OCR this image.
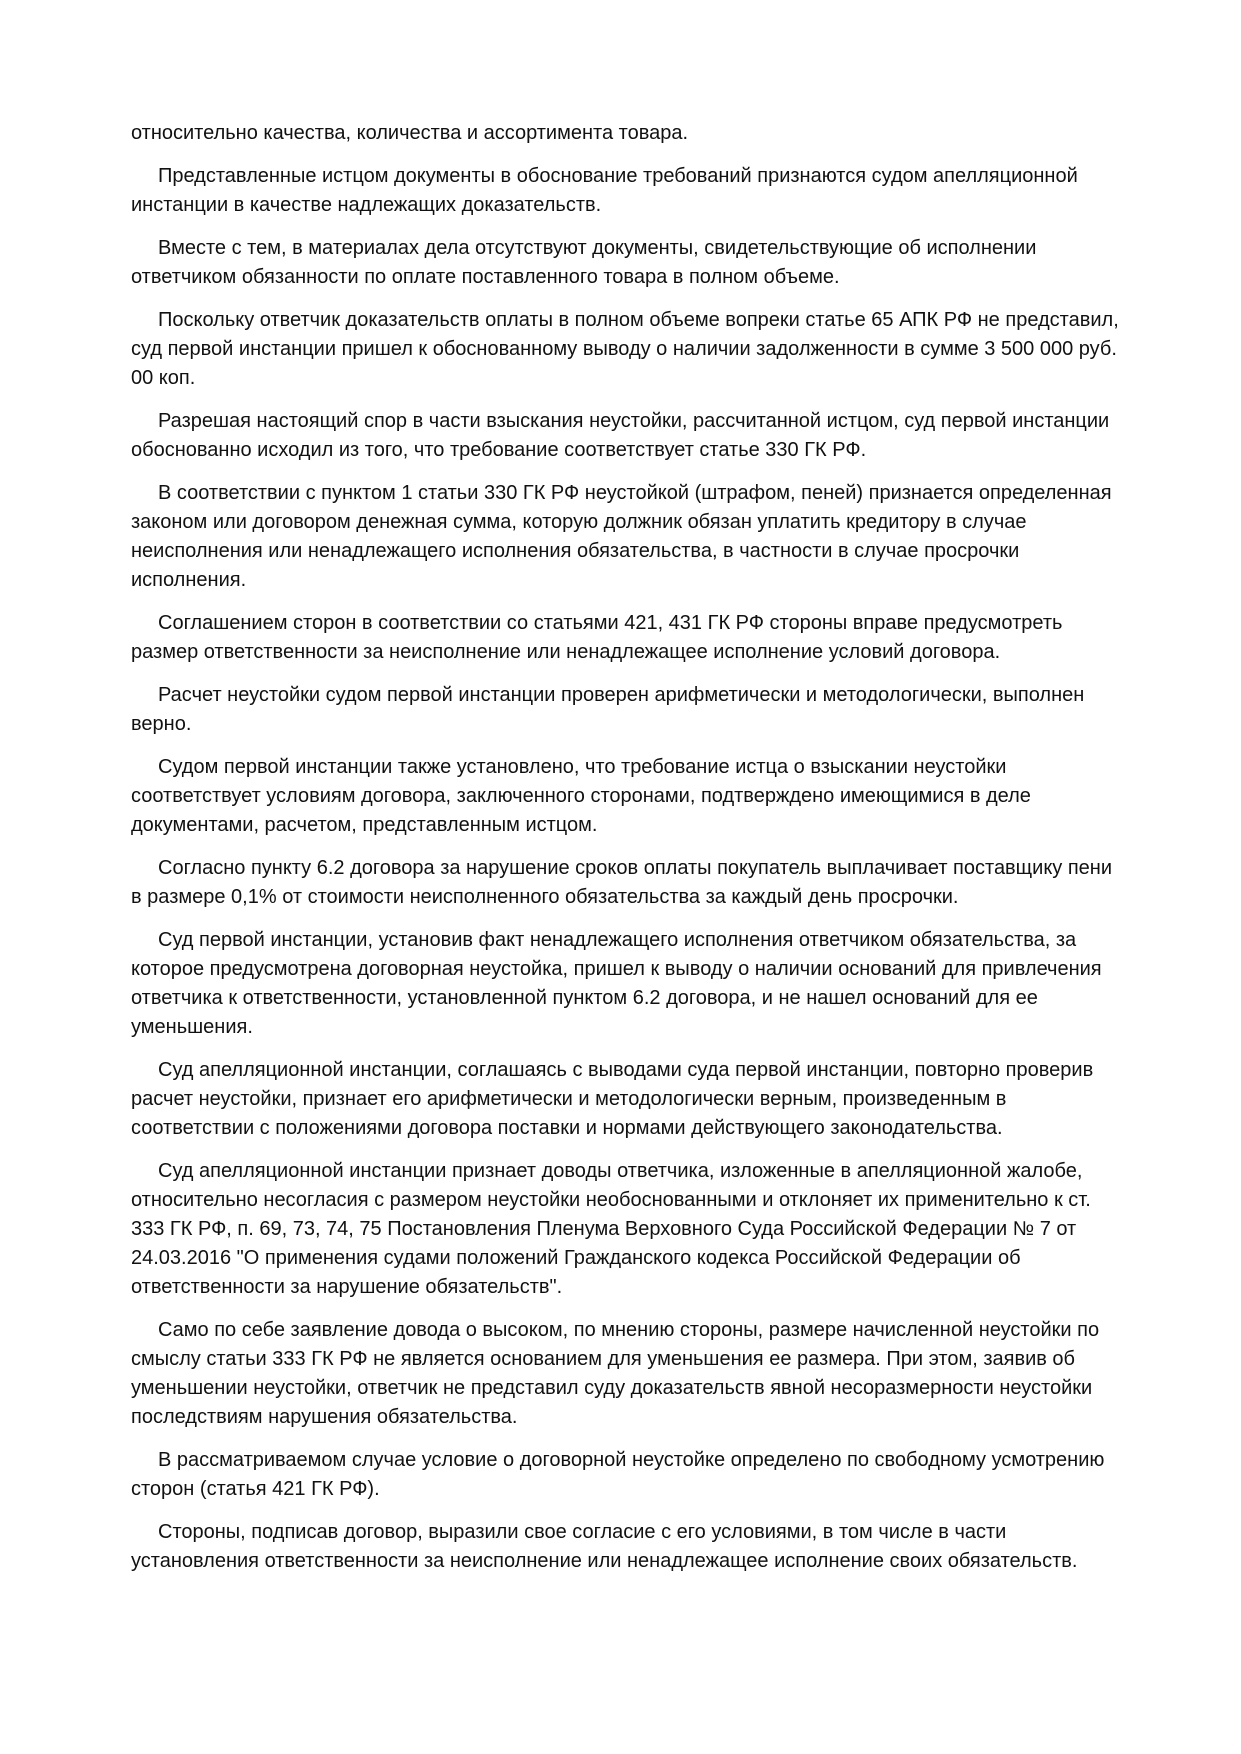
относительно качества, количества и ассортимента товара.

Представленные истцом документы в обоснование требований признаются судом апелляционной инстанции в качестве надлежащих доказательств.

Вместе с тем, в материалах дела отсутствуют документы, свидетельствующие об исполнении ответчиком обязанности по оплате поставленного товара в полном объеме.

Поскольку ответчик доказательств оплаты в полном объеме вопреки статье 65 АПК РФ не представил, суд первой инстанции пришел к обоснованному выводу о наличии задолженности в сумме 3 500 000 руб. 00 коп.

Разрешая настоящий спор в части взыскания неустойки, рассчитанной истцом, суд первой инстанции обоснованно исходил из того, что требование соответствует статье 330 ГК РФ.

В соответствии с пунктом 1 статьи 330 ГК РФ неустойкой (штрафом, пеней) признается определенная законом или договором денежная сумма, которую должник обязан уплатить кредитору в случае неисполнения или ненадлежащего исполнения обязательства, в частности в случае просрочки исполнения.

Соглашением сторон в соответствии со статьями 421, 431 ГК РФ стороны вправе предусмотреть размер ответственности за неисполнение или ненадлежащее исполнение условий договора.

Расчет неустойки судом первой инстанции проверен арифметически и методологически, выполнен верно.

Судом первой инстанции также установлено, что требование истца о взыскании неустойки соответствует условиям договора, заключенного сторонами, подтверждено имеющимися в деле документами, расчетом, представленным истцом.

Согласно пункту 6.2 договора за нарушение сроков оплаты покупатель выплачивает поставщику пени в размере 0,1% от стоимости неисполненного обязательства за каждый день просрочки.

Суд первой инстанции, установив факт ненадлежащего исполнения ответчиком обязательства, за которое предусмотрена договорная неустойка, пришел к выводу о наличии оснований для привлечения ответчика к ответственности, установленной пунктом 6.2 договора, и не нашел оснований для ее уменьшения.

Суд апелляционной инстанции, соглашаясь с выводами суда первой инстанции, повторно проверив расчет неустойки, признает его арифметически и методологически верным, произведенным в соответствии с положениями договора поставки и нормами действующего законодательства.

Суд апелляционной инстанции признает доводы ответчика, изложенные в апелляционной жалобе, относительно несогласия с размером неустойки необоснованными и отклоняет их применительно к ст. 333 ГК РФ, п. 69, 73, 74, 75 Постановления Пленума Верховного Суда Российской Федерации № 7 от 24.03.2016 "О применения судами положений Гражданского кодекса Российской Федерации об ответственности за нарушение обязательств".

Само по себе заявление довода о высоком, по мнению стороны, размере начисленной неустойки по смыслу статьи 333 ГК РФ не является основанием для уменьшения ее размера. При этом, заявив об уменьшении неустойки, ответчик не представил суду доказательств явной несоразмерности неустойки последствиям нарушения обязательства.

В рассматриваемом случае условие о договорной неустойке определено по свободному усмотрению сторон (статья 421 ГК РФ).

Стороны, подписав договор, выразили свое согласие с его условиями, в том числе в части установления ответственности за неисполнение или ненадлежащее исполнение своих обязательств.
